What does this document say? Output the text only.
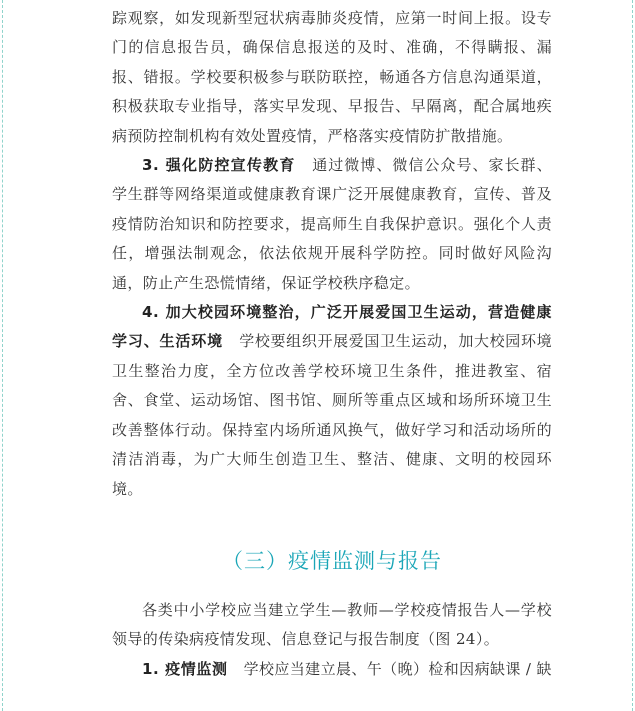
踪观察，如发现新型冠状病毒肺炎疫情，应第一时间上报。设专门的信息报告员，确保信息报送的及时、准确，不得瞒报、漏报、错报。学校要积极参与联防联控，畅通各方信息沟通渠道，积极获取专业指导，落实早发现、早报告、早隔离，配合属地疾病预防控制机构有效处置疫情，严格落实疫情防扩散措施。

3. 强化防控宣传教育 通过微博、微信公众号、家长群、学生群等网络渠道或健康教育课广泛开展健康教育，宣传、普及疫情防治知识和防控要求，提高师生自我保护意识。强化个人责任，增强法制观念，依法依规开展科学防控。同时做好风险沟通，防止产生恐慌情绪，保证学校秩序稳定。

4. 加大校园环境整治，广泛开展爱国卫生运动，营造健康学习、生活环境 学校要组织开展爱国卫生运动，加大校园环境卫生整治力度，全方位改善学校环境卫生条件，推进教室、宿舍、食堂、运动场馆、图书馆、厕所等重点区域和场所环境卫生改善整体行动。保持室内场所通风换气，做好学习和活动场所的清洁消毒，为广大师生创造卫生、整洁、健康、文明的校园环境。

（三）疫情监测与报告

各类中小学校应当建立学生—教师—学校疫情报告人—学校领导的传染病疫情发现、信息登记与报告制度（图 24）。

1. 疫情监测 学校应当建立晨、午（晚）检和因病缺课 / 缺
